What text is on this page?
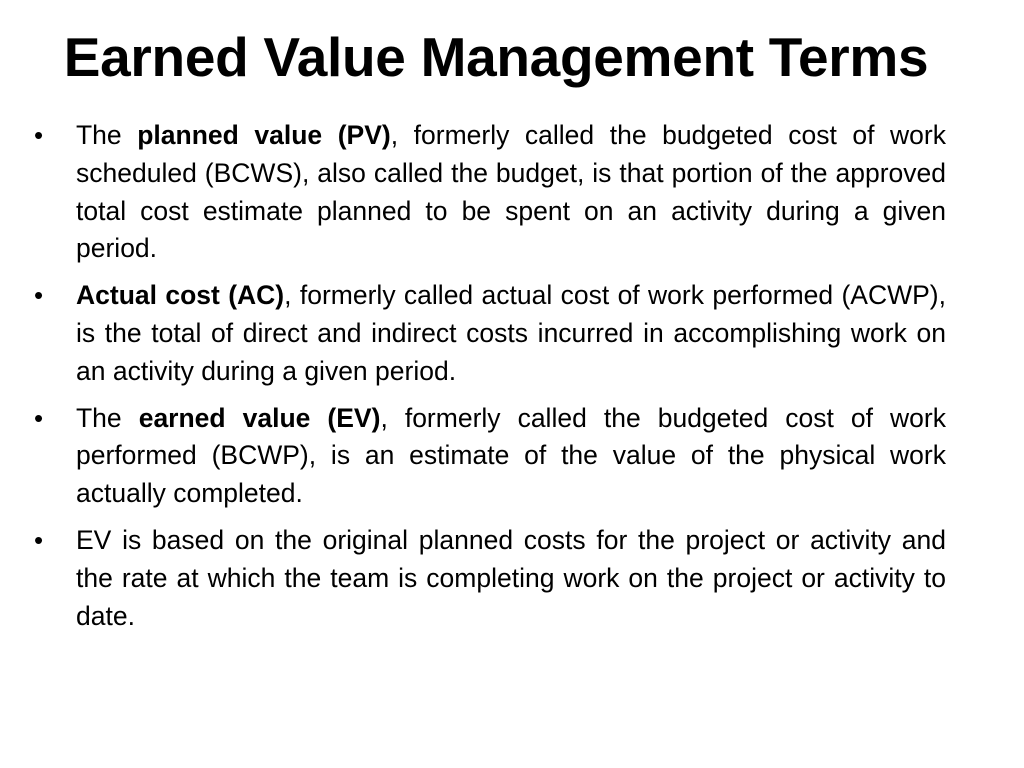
Earned Value Management Terms
• The planned value (PV), formerly called the budgeted cost of work scheduled (BCWS), also called the budget, is that portion of the approved total cost estimate planned to be spent on an activity during a given period.
• Actual cost (AC), formerly called actual cost of work performed (ACWP), is the total of direct and indirect costs incurred in accomplishing work on an activity during a given period.
• The earned value (EV), formerly called the budgeted cost of work performed (BCWP), is an estimate of the value of the physical work actually completed.
• EV is based on the original planned costs for the project or activity and the rate at which the team is completing work on the project or activity to date.
